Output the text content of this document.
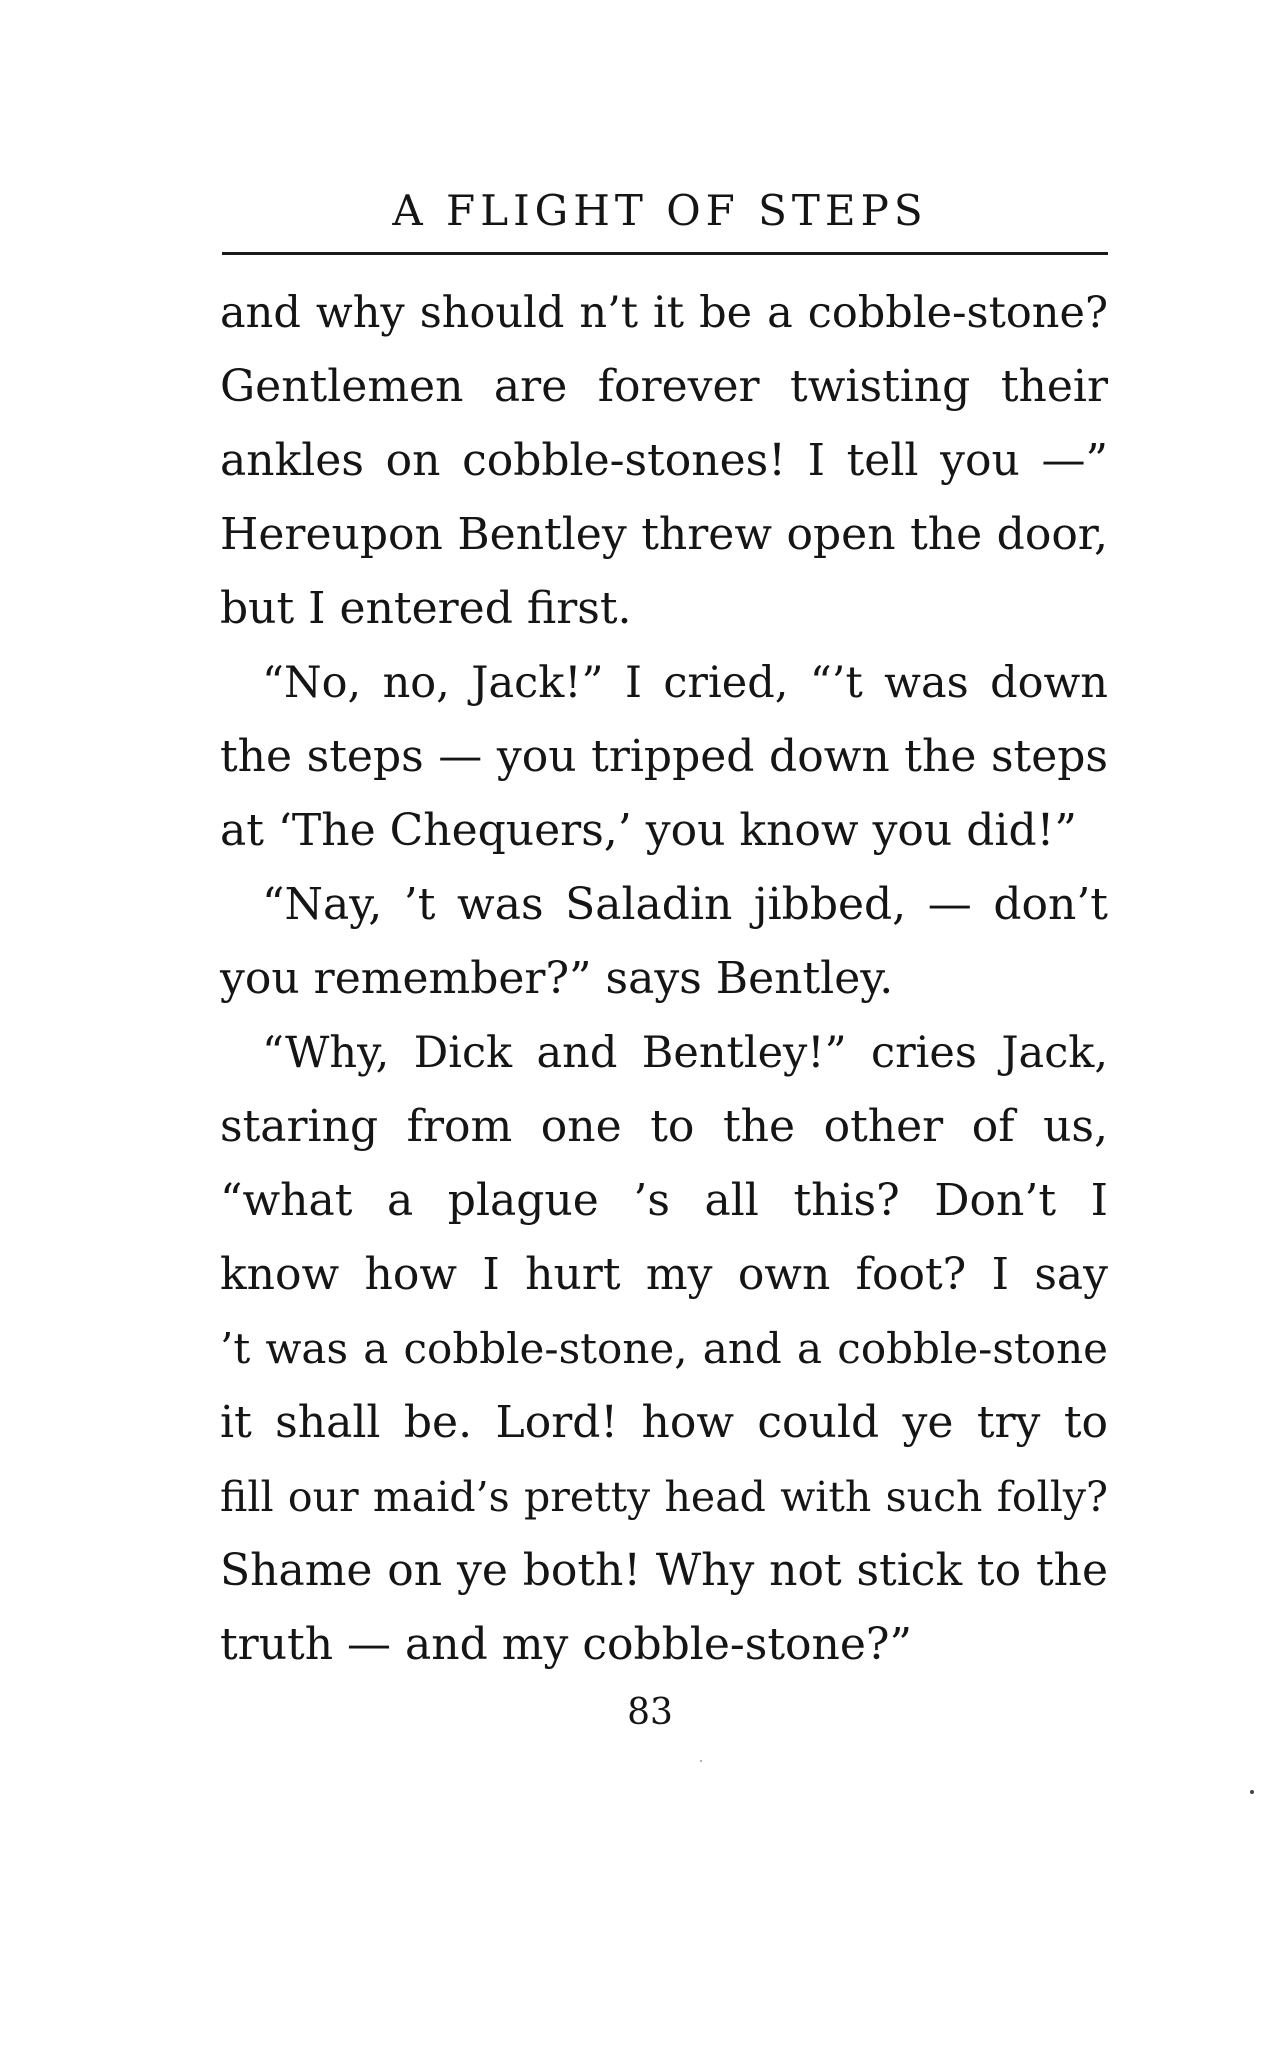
A FLIGHT OF STEPS
and why should n’t it be a cobble-stone?
Gentlemen are forever twisting their
ankles on cobble-stones! I tell you —”
Hereupon Bentley threw open the door,
but I entered first.
“No, no, Jack!” I cried, “’t was down
the steps — you tripped down the steps
at ‘The Chequers,’ you know you did!”
“Nay, ’t was Saladin jibbed, — don’t
you remember?” says Bentley.
“Why, Dick and Bentley!” cries Jack,
staring from one to the other of us,
“what a plague ’s all this? Don’t I
know how I hurt my own foot? I say
’t was a cobble-stone, and a cobble-stone
it shall be. Lord! how could ye try to
fill our maid’s pretty head with such folly?
Shame on ye both! Why not stick to the
truth — and my cobble-stone?”
83
